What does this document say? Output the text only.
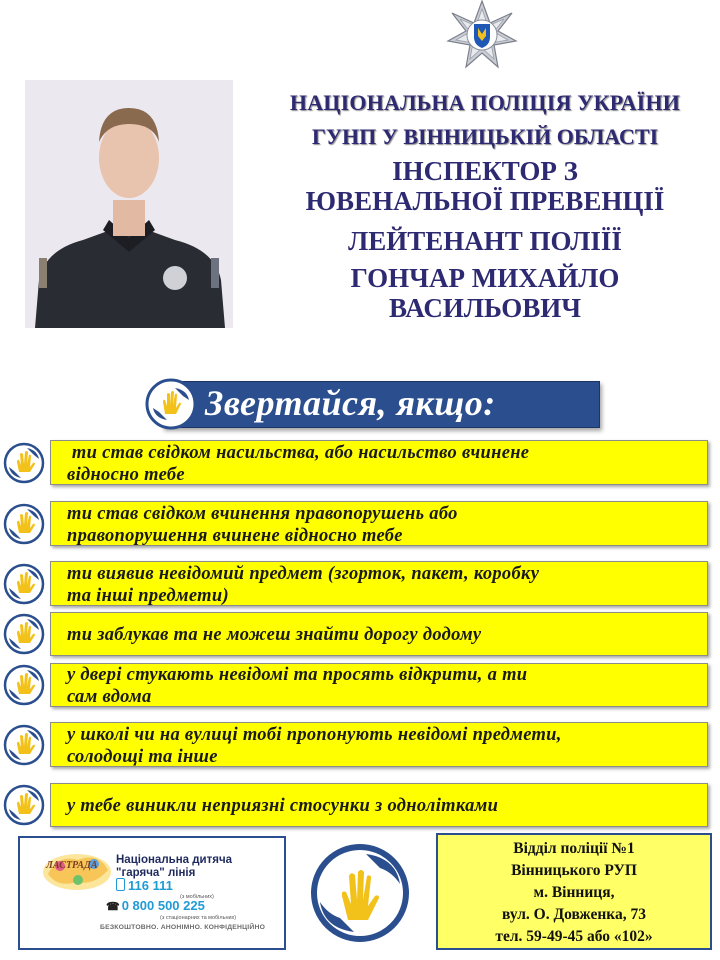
НАЦІОНАЛЬНА ПОЛІЦІЯ УКРАЇНИ
ГУНП У ВІННИЦЬКІЙ ОБЛАСТІ
ІНСПЕКТОР З
ЮВЕНАЛЬНОЇ ПРЕВЕНЦІЇ
ЛЕЙТЕНАНТ ПОЛІЇЇ
ГОНЧАР МИХАЙЛО
ВАСИЛЬОВИЧ
Звертайся, якщо:
ти став свідком насильства, або насильство вчинене
відносно тебе
ти став свідком вчинення правопорушень або
правопорушення вчинене відносно тебе
ти виявив невідомий предмет (згорток, пакет, коробку
та інші предмети)
ти заблукав та не можеш знайти дорогу додому
у двері стукають невідомі та просять відкрити, а ти
сам вдома
у школі чи на вулиці тобі пропонують невідомі предмети,
солодощі та інше
у тебе виникли неприязні стосунки з однолітками
ЛАСТРАДА Національна дитяча
"гаряча" лінія
116 111
(з мобільних)
☎ 0 800 500 225
(з стаціонарних та мобільних)
БЕЗКОШТОВНО. АНОНІМНО. КОНФІДЕНЦІЙНО
Відділ поліції №1
Вінницького РУП
м. Вінниця,
вул. О. Довженка, 73
тел. 59-49-45 або «102»
